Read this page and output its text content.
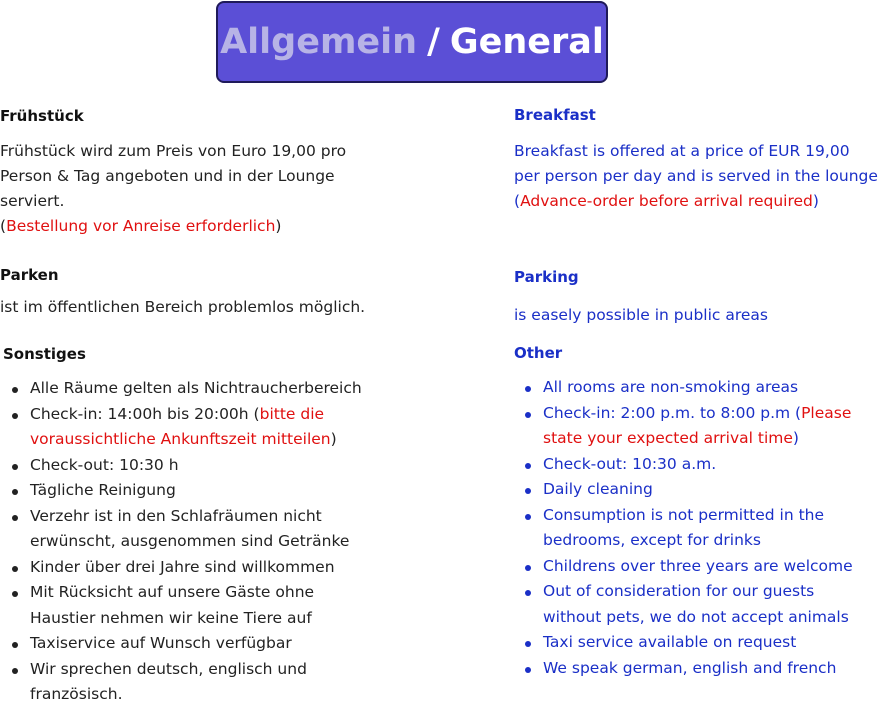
Allgemein / General
Frühstück
Frühstück wird zum Preis von Euro 19,00 pro Person & Tag angeboten und in der Lounge serviert.
(Bestellung vor Anreise erforderlich)
Parken
ist im öffentlichen Bereich problemlos möglich.
Sonstiges
Alle Räume gelten als Nichtraucherbereich
Check-in: 14:00h bis 20:00h (bitte die voraussichtliche Ankunftszeit mitteilen)
Check-out: 10:30 h
Tägliche Reinigung
Verzehr ist in den Schlafräumen nicht erwünscht, ausgenommen sind Getränke
Kinder über drei Jahre sind willkommen
Mit Rücksicht auf unsere Gäste ohne Haustier nehmen wir keine Tiere auf
Taxiservice auf Wunsch verfügbar
Wir sprechen deutsch, englisch und französisch.
Breakfast
Breakfast is offered at a price of EUR 19,00 per person per day and is served in the lounge
(Advance-order before arrival required)
Parking
is easely possible in public areas
Other
All rooms are non-smoking areas
Check-in: 2:00 p.m. to 8:00 p.m (Please state your expected arrival time)
Check-out: 10:30 a.m.
Daily cleaning
Consumption is not permitted in the bedrooms, except for drinks
Childrens over three years are welcome
Out of consideration for our guests without pets, we do not accept animals
Taxi service available on request
We speak german, english and french
